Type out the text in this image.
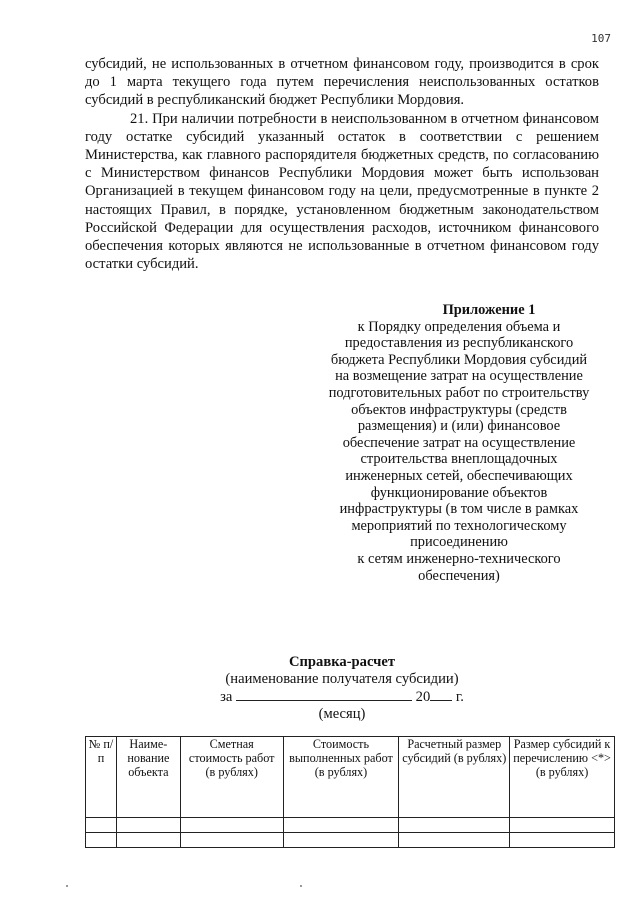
107

субсидий, не использованных в отчетном финансовом году, производится в срок до 1 марта текущего года путем перечисления неиспользованных остатков субсидий в республиканский бюджет Республики Мордовия.

21. При наличии потребности в неиспользованном в отчетном финансовом году остатке субсидий указанный остаток в соответствии с решением Министерства, как главного распорядителя бюджетных средств, по согласованию с Министерством финансов Республики Мордовия может быть использован Организацией в текущем финансовом году на цели, предусмотренные в пункте 2 настоящих Правил, в порядке, установленном бюджетным законодательством Российской Федерации для осуществления расходов, источником финансового обеспечения которых являются не использованные в отчетном финансовом году остатки субсидий.

Приложение 1
к Порядку определения объема и
предоставления из республиканского
бюджета Республики Мордовия субсидий
на возмещение затрат на осуществление
подготовительных работ по строительству
объектов инфраструктуры (средств
размещения) и (или) финансовое
обеспечение затрат на осуществление
строительства внеплощадочных
инженерных сетей, обеспечивающих
функционирование объектов
инфраструктуры (в том числе в рамках
мероприятий по технологическому
присоединению
к сетям инженерно-технического
обеспечения)
Справка-расчет
(наименование получателя субсидии)
за	20 г.
(месяц)
№ п/п	Наиме-нование объекта	Сметная стоимость работ (в рублях)	Стоимость выполненных работ (в рублях)	Расчетный размер субсидий (в рублях)	Размер субсидий к перечислению <*> (в рублях)
